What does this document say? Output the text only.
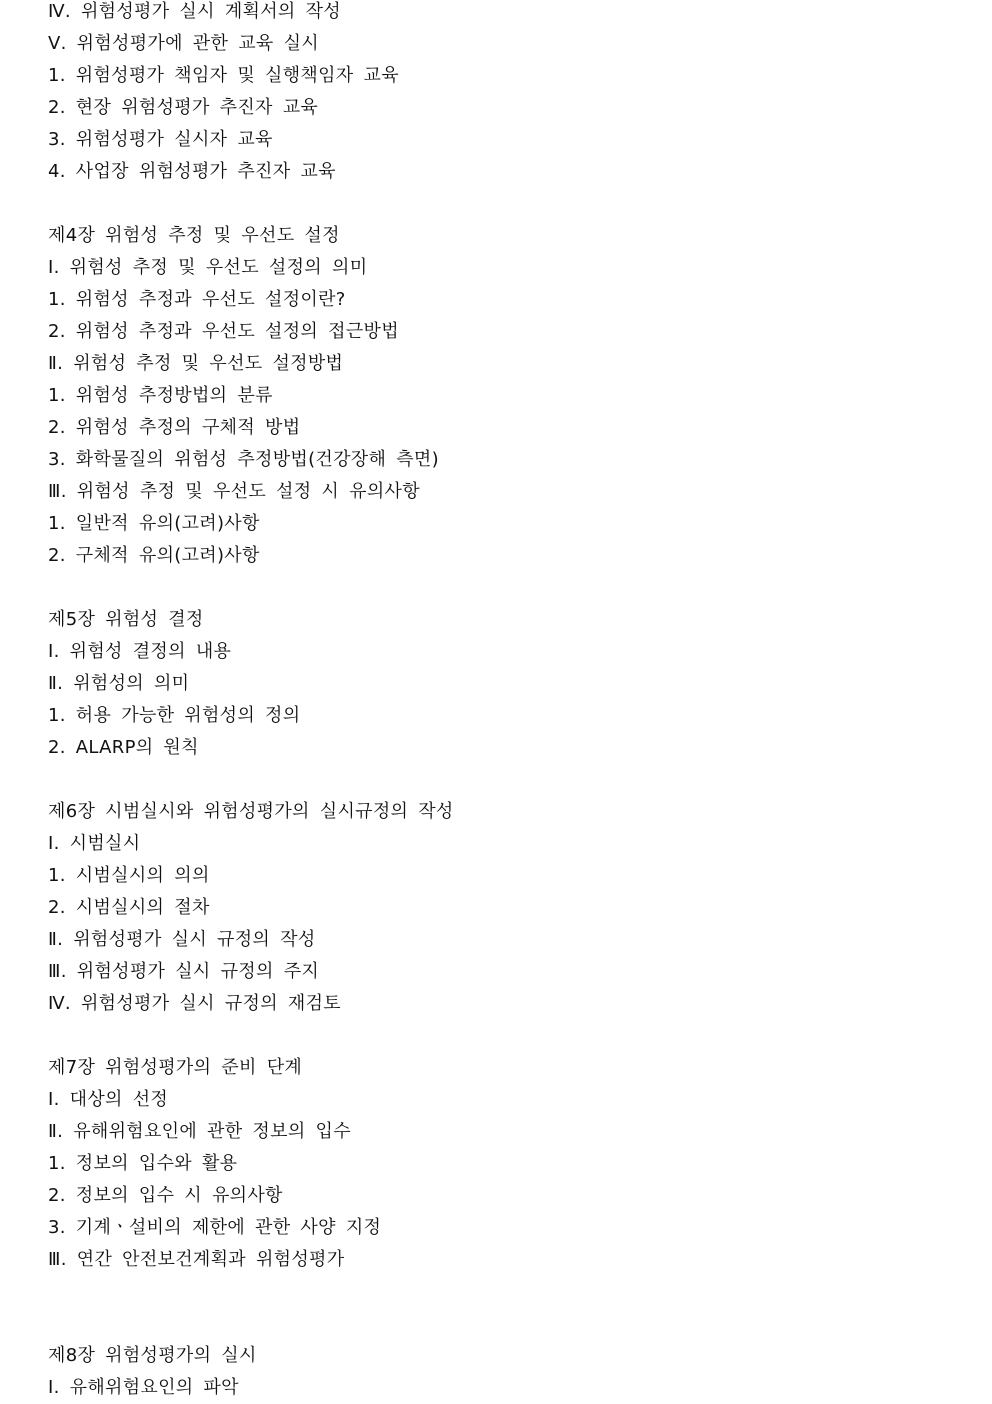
Ⅳ. 위험성평가 실시 계획서의 작성
Ⅴ. 위험성평가에 관한 교육 실시
1. 위험성평가 책임자 및 실행책임자 교육
2. 현장 위험성평가 추진자 교육
3. 위험성평가 실시자 교육
4. 사업장 위험성평가 추진자 교육
제4장 위험성 추정 및 우선도 설정
Ⅰ. 위험성 추정 및 우선도 설정의 의미
1. 위험성 추정과 우선도 설정이란?
2. 위험성 추정과 우선도 설정의 접근방법
Ⅱ. 위험성 추정 및 우선도 설정방법
1. 위험성 추정방법의 분류
2. 위험성 추정의 구체적 방법
3. 화학물질의 위험성 추정방법(건강장해 측면)
Ⅲ. 위험성 추정 및 우선도 설정 시 유의사항
1. 일반적 유의(고려)사항
2. 구체적 유의(고려)사항
제5장 위험성 결정
Ⅰ. 위험성 결정의 내용
Ⅱ. 위험성의 의미
1. 허용 가능한 위험성의 정의
2. ALARP의 원칙
제6장 시범실시와 위험성평가의 실시규정의 작성
Ⅰ. 시범실시
1. 시범실시의 의의
2. 시범실시의 절차
Ⅱ. 위험성평가 실시 규정의 작성
Ⅲ. 위험성평가 실시 규정의 주지
Ⅳ. 위험성평가 실시 규정의 재검토
제7장 위험성평가의 준비 단계
Ⅰ. 대상의 선정
Ⅱ. 유해위험요인에 관한 정보의 입수
1. 정보의 입수와 활용
2. 정보의 입수 시 유의사항
3. 기계ㆍ설비의 제한에 관한 사양 지정
Ⅲ. 연간 안전보건계획과 위험성평가
제8장 위험성평가의 실시
Ⅰ. 유해위험요인의 파악
